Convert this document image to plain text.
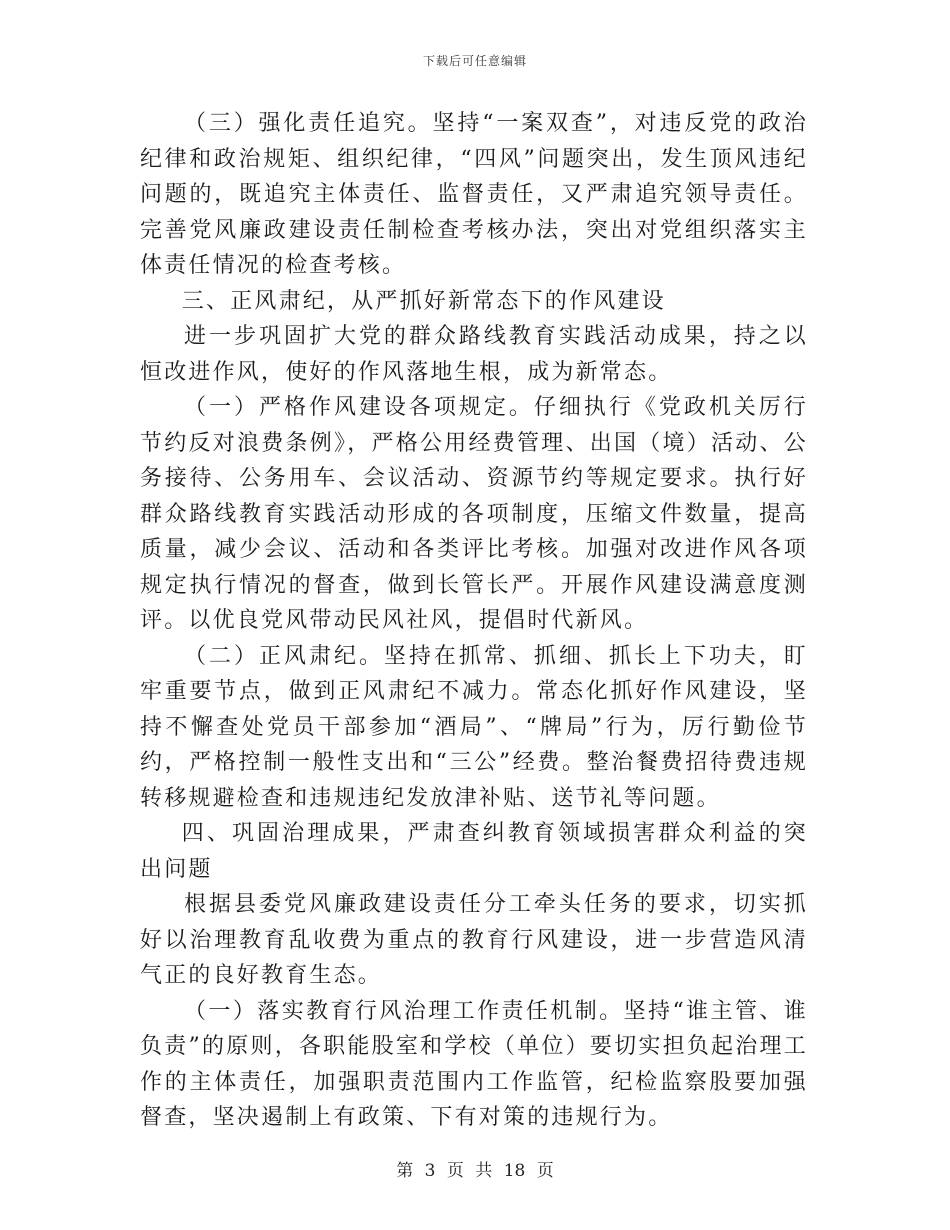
下载后可任意编辑

（三）强化责任追究。坚持“一案双查”，对违反党的政治纪律和政治规矩、组织纪律，“四风”问题突出，发生顶风违纪问题的，既追究主体责任、监督责任，又严肃追究领导责任。完善党风廉政建设责任制检查考核办法，突出对党组织落实主体责任情况的检查考核。

三、正风肃纪，从严抓好新常态下的作风建设

进一步巩固扩大党的群众路线教育实践活动成果，持之以恒改进作风，使好的作风落地生根，成为新常态。

（一）严格作风建设各项规定。仔细执行《党政机关厉行节约反对浪费条例》，严格公用经费管理、出国（境）活动、公务接待、公务用车、会议活动、资源节约等规定要求。执行好群众路线教育实践活动形成的各项制度，压缩文件数量，提高质量，减少会议、活动和各类评比考核。加强对改进作风各项规定执行情况的督查，做到长管长严。开展作风建设满意度测评。以优良党风带动民风社风，提倡时代新风。

（二）正风肃纪。坚持在抓常、抓细、抓长上下功夫，盯牢重要节点，做到正风肃纪不减力。常态化抓好作风建设，坚持不懈查处党员干部参加“酒局”、“牌局”行为，厉行勤俭节约，严格控制一般性支出和“三公”经费。整治餐费招待费违规转移规避检查和违规违纪发放津补贴、送节礼等问题。

四、巩固治理成果，严肃查纠教育领域损害群众利益的突出问题

根据县委党风廉政建设责任分工牵头任务的要求，切实抓好以治理教育乱收费为重点的教育行风建设，进一步营造风清气正的良好教育生态。

（一）落实教育行风治理工作责任机制。坚持“谁主管、谁负责”的原则，各职能股室和学校（单位）要切实担负起治理工作的主体责任，加强职责范围内工作监管，纪检监察股要加强督查，坚决遏制上有政策、下有对策的违规行为。

第 3 页 共 18 页
